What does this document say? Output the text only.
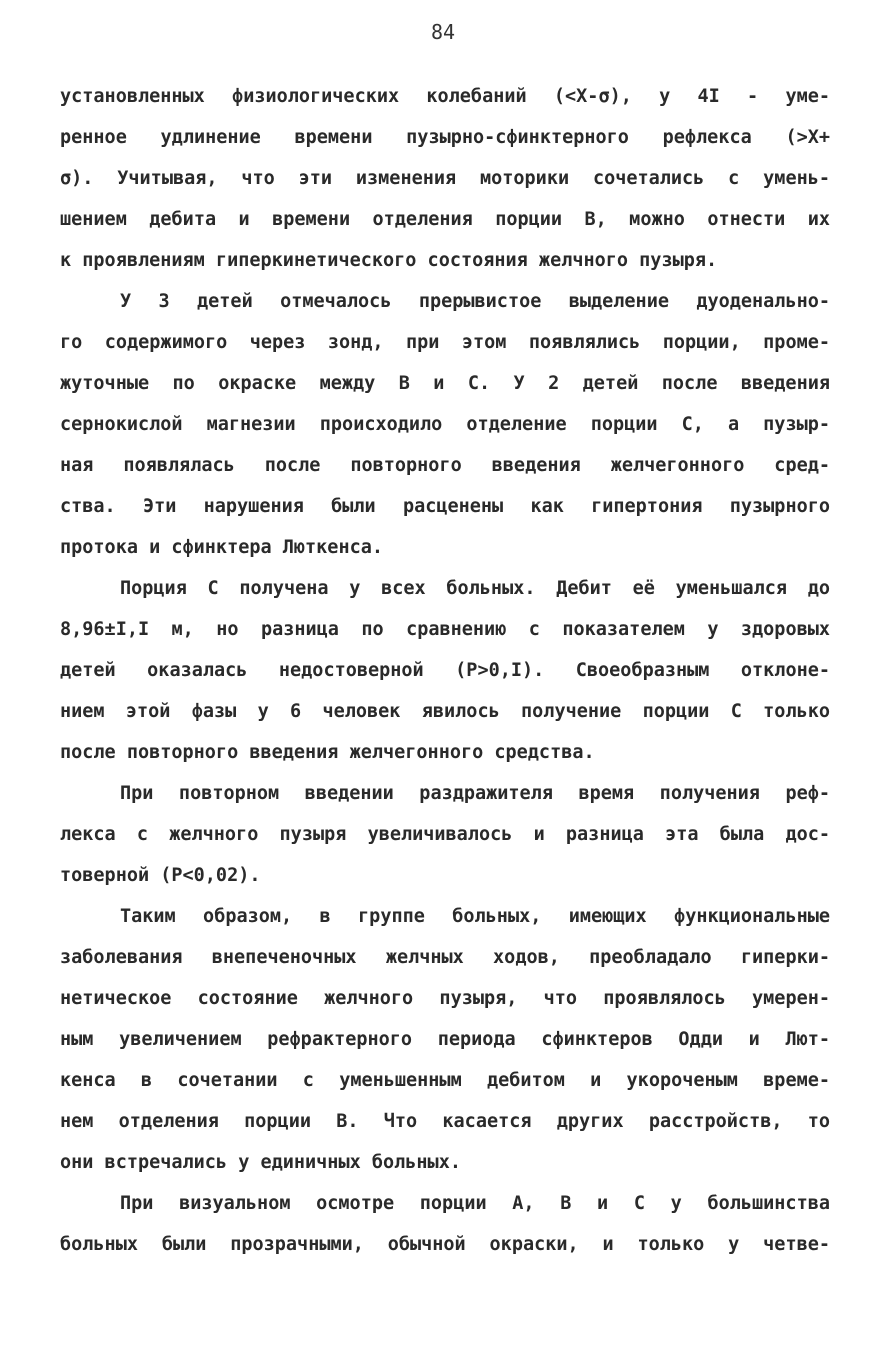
84
установленных физиологических колебаний (<X-σ), у 4I - уме-
ренное удлинение времени пузырно-сфинктерного рефлекса (>X+
σ). Учитывая, что эти изменения моторики сочетались с умень-
шением дебита и времени отделения порции В, можно отнести их
к проявлениям гиперкинетического состояния желчного пузыря.
У 3 детей отмечалось прерывистое выделение дуоденально-
го содержимого через зонд, при этом появлялись порции, проме-
жуточные по окраске между В и С. У 2 детей после введения
сернокислой магнезии происходило отделение порции С, а пузыр-
ная появлялась после повторного введения желчегонного сред-
ства. Эти нарушения были расценены как гипертония пузырного
протока и сфинктера Люткенса.
Порция С получена у всех больных. Дебит её уменьшался до
8,96±I,I м, но разница по сравнению с показателем у здоровых
детей оказалась недостоверной (Р>0,I). Своеобразным отклоне-
нием этой фазы у 6 человек явилось получение порции С только
после повторного введения желчегонного средства.
При повторном введении раздражителя время получения реф-
лекса с желчного пузыря увеличивалось и разница эта была дос-
товерной (Р<0,02).
Таким образом, в группе больных, имеющих функциональные
заболевания внепеченочных желчных ходов, преобладало гиперки-
нетическое состояние желчного пузыря, что проявлялось умерен-
ным увеличением рефрактерного периода сфинктеров Одди и Лют-
кенса в сочетании с уменьшенным дебитом и укороченым време-
нем отделения порции В. Что касается других расстройств, то
они встречались у единичных больных.
При визуальном осмотре порции А, В и С у большинства
больных были прозрачными, обычной окраски, и только у четве-
